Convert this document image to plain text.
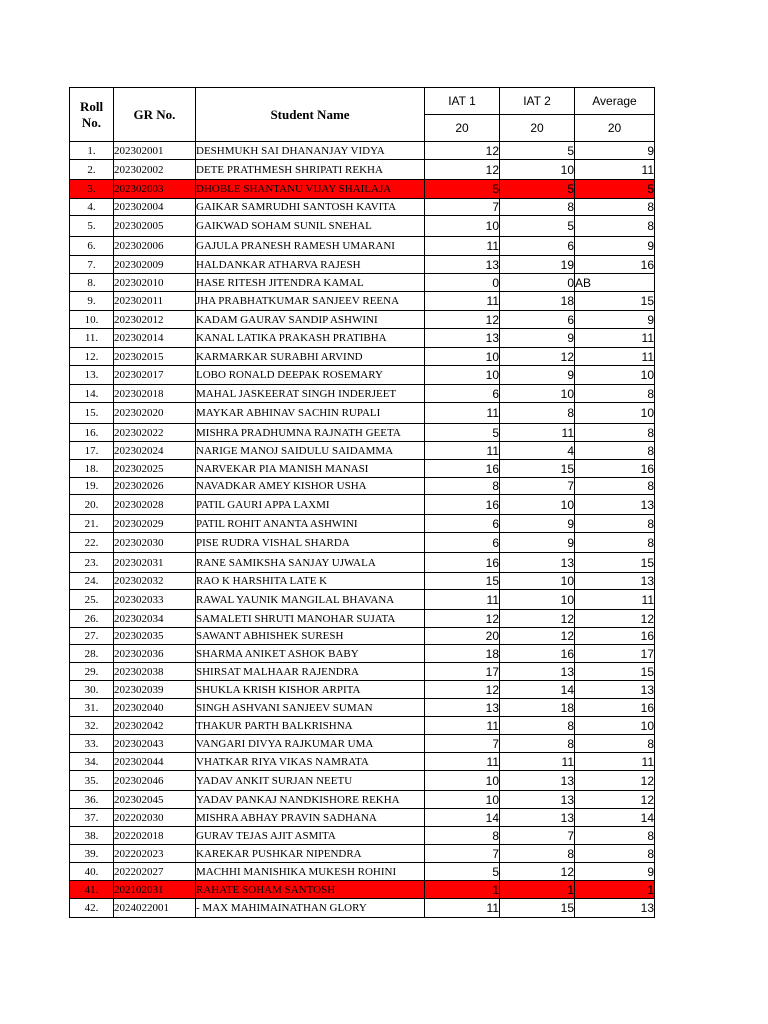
Roll
No.	GR No.	Student Name	IAT 1	IAT 2	Average
			20	20	20
1.	202302001	DESHMUKH SAI DHANANJAY VIDYA	12	5	9
2.	202302002	DETE PRATHMESH SHRIPATI REKHA	12	10	11
3.	202302003	DHOBLE SHANTANU VIJAY SHAILAJA	5	5	5
4.	202302004	GAIKAR SAMRUDHI SANTOSH KAVITA	7	8	8
5.	202302005	GAIKWAD SOHAM SUNIL SNEHAL	10	5	8
6.	202302006	GAJULA PRANESH RAMESH UMARANI	11	6	9
7.	202302009	HALDANKAR ATHARVA RAJESH	13	19	16
8.	202302010	HASE RITESH JITENDRA KAMAL	0	0	AB
9.	202302011	JHA PRABHATKUMAR SANJEEV REENA	11	18	15
10.	202302012	KADAM GAURAV SANDIP ASHWINI	12	6	9
11.	202302014	KANAL LATIKA PRAKASH PRATIBHA	13	9	11
12.	202302015	KARMARKAR SURABHI ARVIND	10	12	11
13.	202302017	LOBO RONALD DEEPAK ROSEMARY	10	9	10
14.	202302018	MAHAL JASKEERAT SINGH INDERJEET	6	10	8
15.	202302020	MAYKAR ABHINAV SACHIN RUPALI	11	8	10
16.	202302022	MISHRA PRADHUMNA RAJNATH GEETA	5	11	8
17.	202302024	NARIGE MANOJ SAIDULU SAIDAMMA	11	4	8
18.	202302025	NARVEKAR PIA MANISH MANASI	16	15	16
19.	202302026	NAVADKAR AMEY KISHOR USHA	8	7	8
20.	202302028	PATIL GAURI APPA LAXMI	16	10	13
21.	202302029	PATIL ROHIT ANANTA ASHWINI	6	9	8
22.	202302030	PISE RUDRA VISHAL SHARDA	6	9	8
23.	202302031	RANE SAMIKSHA SANJAY UJWALA	16	13	15
24.	202302032	RAO K HARSHITA LATE K	15	10	13
25.	202302033	RAWAL YAUNIK MANGILAL BHAVANA	11	10	11
26.	202302034	SAMALETI SHRUTI MANOHAR SUJATA	12	12	12
27.	202302035	SAWANT ABHISHEK SURESH	20	12	16
28.	202302036	SHARMA ANIKET ASHOK BABY	18	16	17
29.	202302038	SHIRSAT MALHAAR RAJENDRA	17	13	15
30.	202302039	SHUKLA KRISH KISHOR ARPITA	12	14	13
31.	202302040	SINGH ASHVANI SANJEEV SUMAN	13	18	16
32.	202302042	THAKUR PARTH BALKRISHNA	11	8	10
33.	202302043	VANGARI DIVYA RAJKUMAR UMA	7	8	8
34.	202302044	VHATKAR RIYA VIKAS NAMRATA	11	11	11
35.	202302046	YADAV ANKIT SURJAN NEETU	10	13	12
36.	202302045	YADAV PANKAJ NANDKISHORE REKHA	10	13	12
37.	202202030	MISHRA ABHAY PRAVIN SADHANA	14	13	14
38.	202202018	GURAV TEJAS AJIT ASMITA	8	7	8
39.	202202023	KAREKAR PUSHKAR NIPENDRA	7	8	8
40.	202202027	MACHHI MANISHIKA MUKESH ROHINI	5	12	9
41.	202102031	RAHATE SOHAM SANTOSH	1	1	1
42.	2024022001	- MAX MAHIMAINATHAN GLORY	11	15	13
